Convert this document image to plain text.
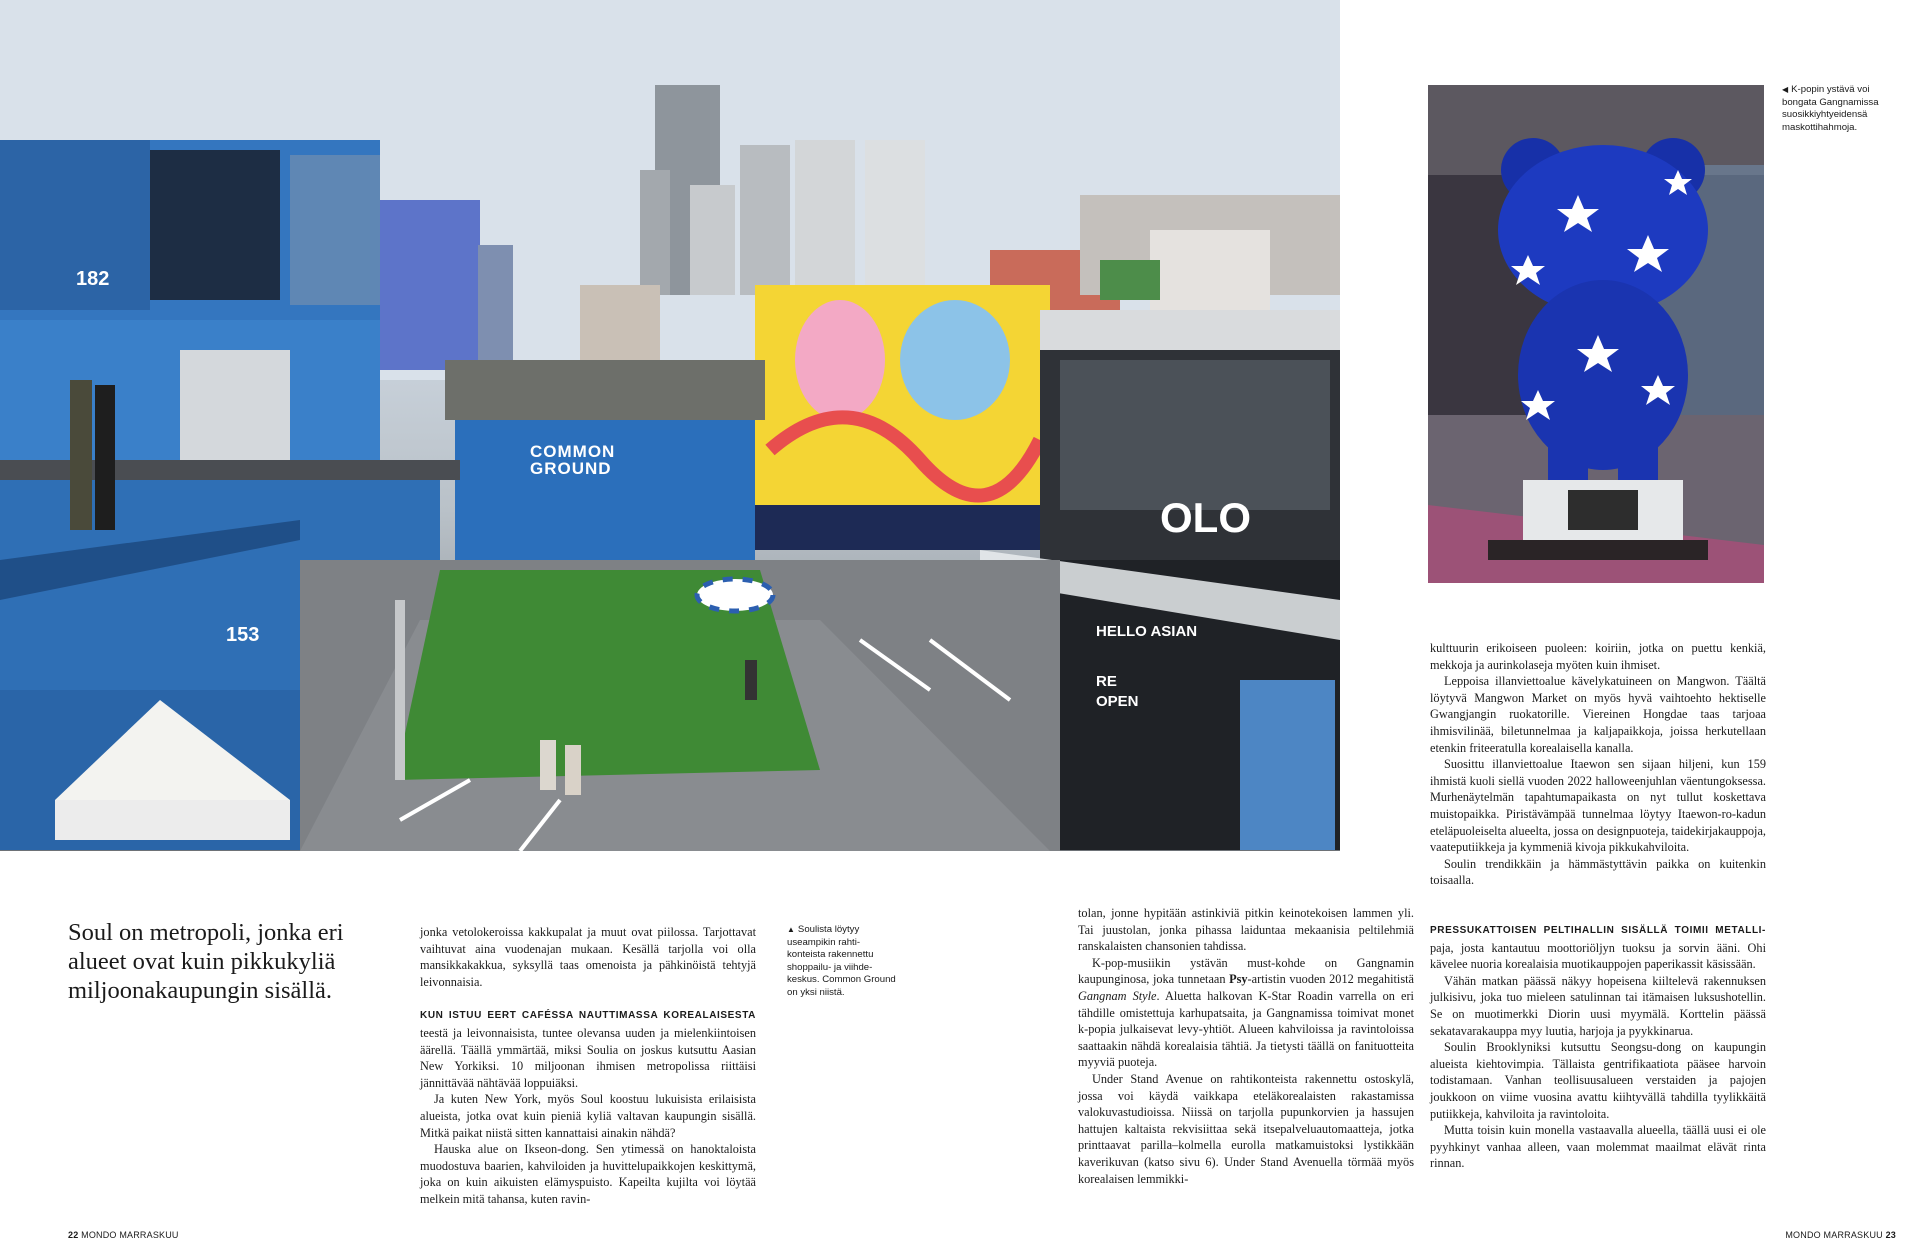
COMMON
GROUND
OLO
182
153	HELLO ASIAN
RE
OPEN
◀ K-popin ystävä voi bongata Gangnamissa suosikkiyhtyeidensä maskottihahmoja.
Soul on metropoli, jonka eri alueet ovat kuin pikkukyliä miljoonakaupungin sisällä.

jonka vetolokeroissa kakkupalat ja muut ovat piilossa. Tarjottavat vaihtuvat aina vuodenajan mukaan. Kesällä tarjolla voi olla mansikkakakkua, syksyllä taas omenoista ja pähkinöistä tehtyjä leivonnaisia.

KUN ISTUU EERT CAFÉSSA NAUTTIMASSA KOREALAISESTA teestä ja leivonnaisista, tuntee olevansa uuden ja mielenkiintoisen äärellä. Täällä ymmärtää, miksi Soulia on joskus kutsuttu Aasian New Yorkiksi. 10 miljoonan ihmisen metropolissa riittäisi jännittävää nähtävää loppuiäksi.

Ja kuten New York, myös Soul koostuu lukuisista erilaisista alueista, jotka ovat kuin pieniä kyliä valtavan kaupungin sisällä. Mitkä paikat niistä sitten kannattaisi ainakin nähdä?

Hauska alue on Ikseon-dong. Sen ytimessä on hanoktaloista muodostuva baarien, kahviloiden ja huvittelupaikkojen keskittymä, joka on kuin aikuisten elämyspuisto. Kapeilta kujilta voi löytää melkein mitä tahansa, kuten ravin-

▲ Soulista löytyy useampikin rahti-konteista rakennettu shoppailu- ja viihde-keskus. Common Ground on yksi niistä.

tolan, jonne hypitään astinkiviä pitkin keinotekoisen lammen yli. Tai juustolan, jonka pihassa laiduntaa mekaanisia peltilehmiä ranskalaisten chansonien tahdissa.

K-pop-musiikin ystävän must-kohde on Gangnamin kaupunginosa, joka tunnetaan Psy-artistin vuoden 2012 megahitistä Gangnam Style. Aluetta halkovan K-Star Roadin varrella on eri tähdille omistettuja karhupatsaita, ja Gangnamissa toimivat monet k-popia julkaisevat levy-yhtiöt. Alueen kahviloissa ja ravintoloissa saattaakin nähdä korealaisia tähtiä. Ja tietysti täällä on fanituotteita myyviä puoteja.

Under Stand Avenue on rahtikonteista rakennettu ostoskylä, jossa voi käydä vaikkapa eteläkorealaisten rakastamissa valokuvastudioissa. Niissä on tarjolla pupunkorvien ja hassujen hattujen kaltaista rekvisiittaa sekä itsepalveluautomaatteja, jotka printtaavat parilla–kolmella eurolla matkamuistoksi lystikkään kaverikuvan (katso sivu 6). Under Stand Avenuella törmää myös korealaisen lemmikki-

kulttuurin erikoiseen puoleen: koiriin, jotka on puettu kenkiä, mekkoja ja aurinkolaseja myöten kuin ihmiset.

Leppoisa illanviettoalue kävelykatuineen on Mangwon. Täältä löytyvä Mangwon Market on myös hyvä vaihtoehto hektiselle Gwangjangin ruokatorille. Viereinen Hongdae taas tarjoaa ihmisvilinää, biletunnelmaa ja kaljapaikkoja, joissa herkutellaan etenkin friteeratulla korealaisella kanalla.

Suosittu illanviettoalue Itaewon sen sijaan hiljeni, kun 159 ihmistä kuoli siellä vuoden 2022 halloweenjuhlan väentungoksessa. Murhenäytelmän tapahtumapaikasta on nyt tullut koskettava muistopaikka. Piristävämpää tunnelmaa löytyy Itaewon-ro-kadun eteläpuoleiselta alueelta, jossa on designpuoteja, taidekirjakauppoja, vaateputiikkeja ja kymmeniä kivoja pikkukahviloita.

Soulin trendikkäin ja hämmästyttävin paikka on kuitenkin toisaalla.

PRESSUKATTOISEN PELTIHALLIN SISÄLLÄ TOIMII METALLI- paja, josta kantautuu moottoriöljyn tuoksu ja sorvin ääni. Ohi kävelee nuoria korealaisia muotikauppojen paperikassit käsissään.

Vähän matkan päässä näkyy hopeisena kiiltelevä rakennuksen julkisivu, joka tuo mieleen satulinnan tai itämaisen luksushotellin. Se on muotimerkki Diorin uusi myymälä. Korttelin päässä sekatavarakauppa myy luutia, harjoja ja pyykkinaruа.

Soulin Brooklyniksi kutsuttu Seongsu-dong on kaupungin alueista kiehtovimpia. Tällaista gentrifikaatiota pääsee harvoin todistamaan. Vanhan teollisuusalueen verstaiden ja pajojen joukkoon on viime vuosina avattu kiihtyvällä tahdilla tyylikkäitä putiikkeja, kahviloita ja ravintoloita.

Mutta toisin kuin monella vastaavalla alueella, täällä uusi ei ole pyyhkinyt vanhaa alleen, vaan molemmat maailmat elävät rinta rinnan.

22 MONDO MARRASKUU	MONDO MARRASKUU 23
